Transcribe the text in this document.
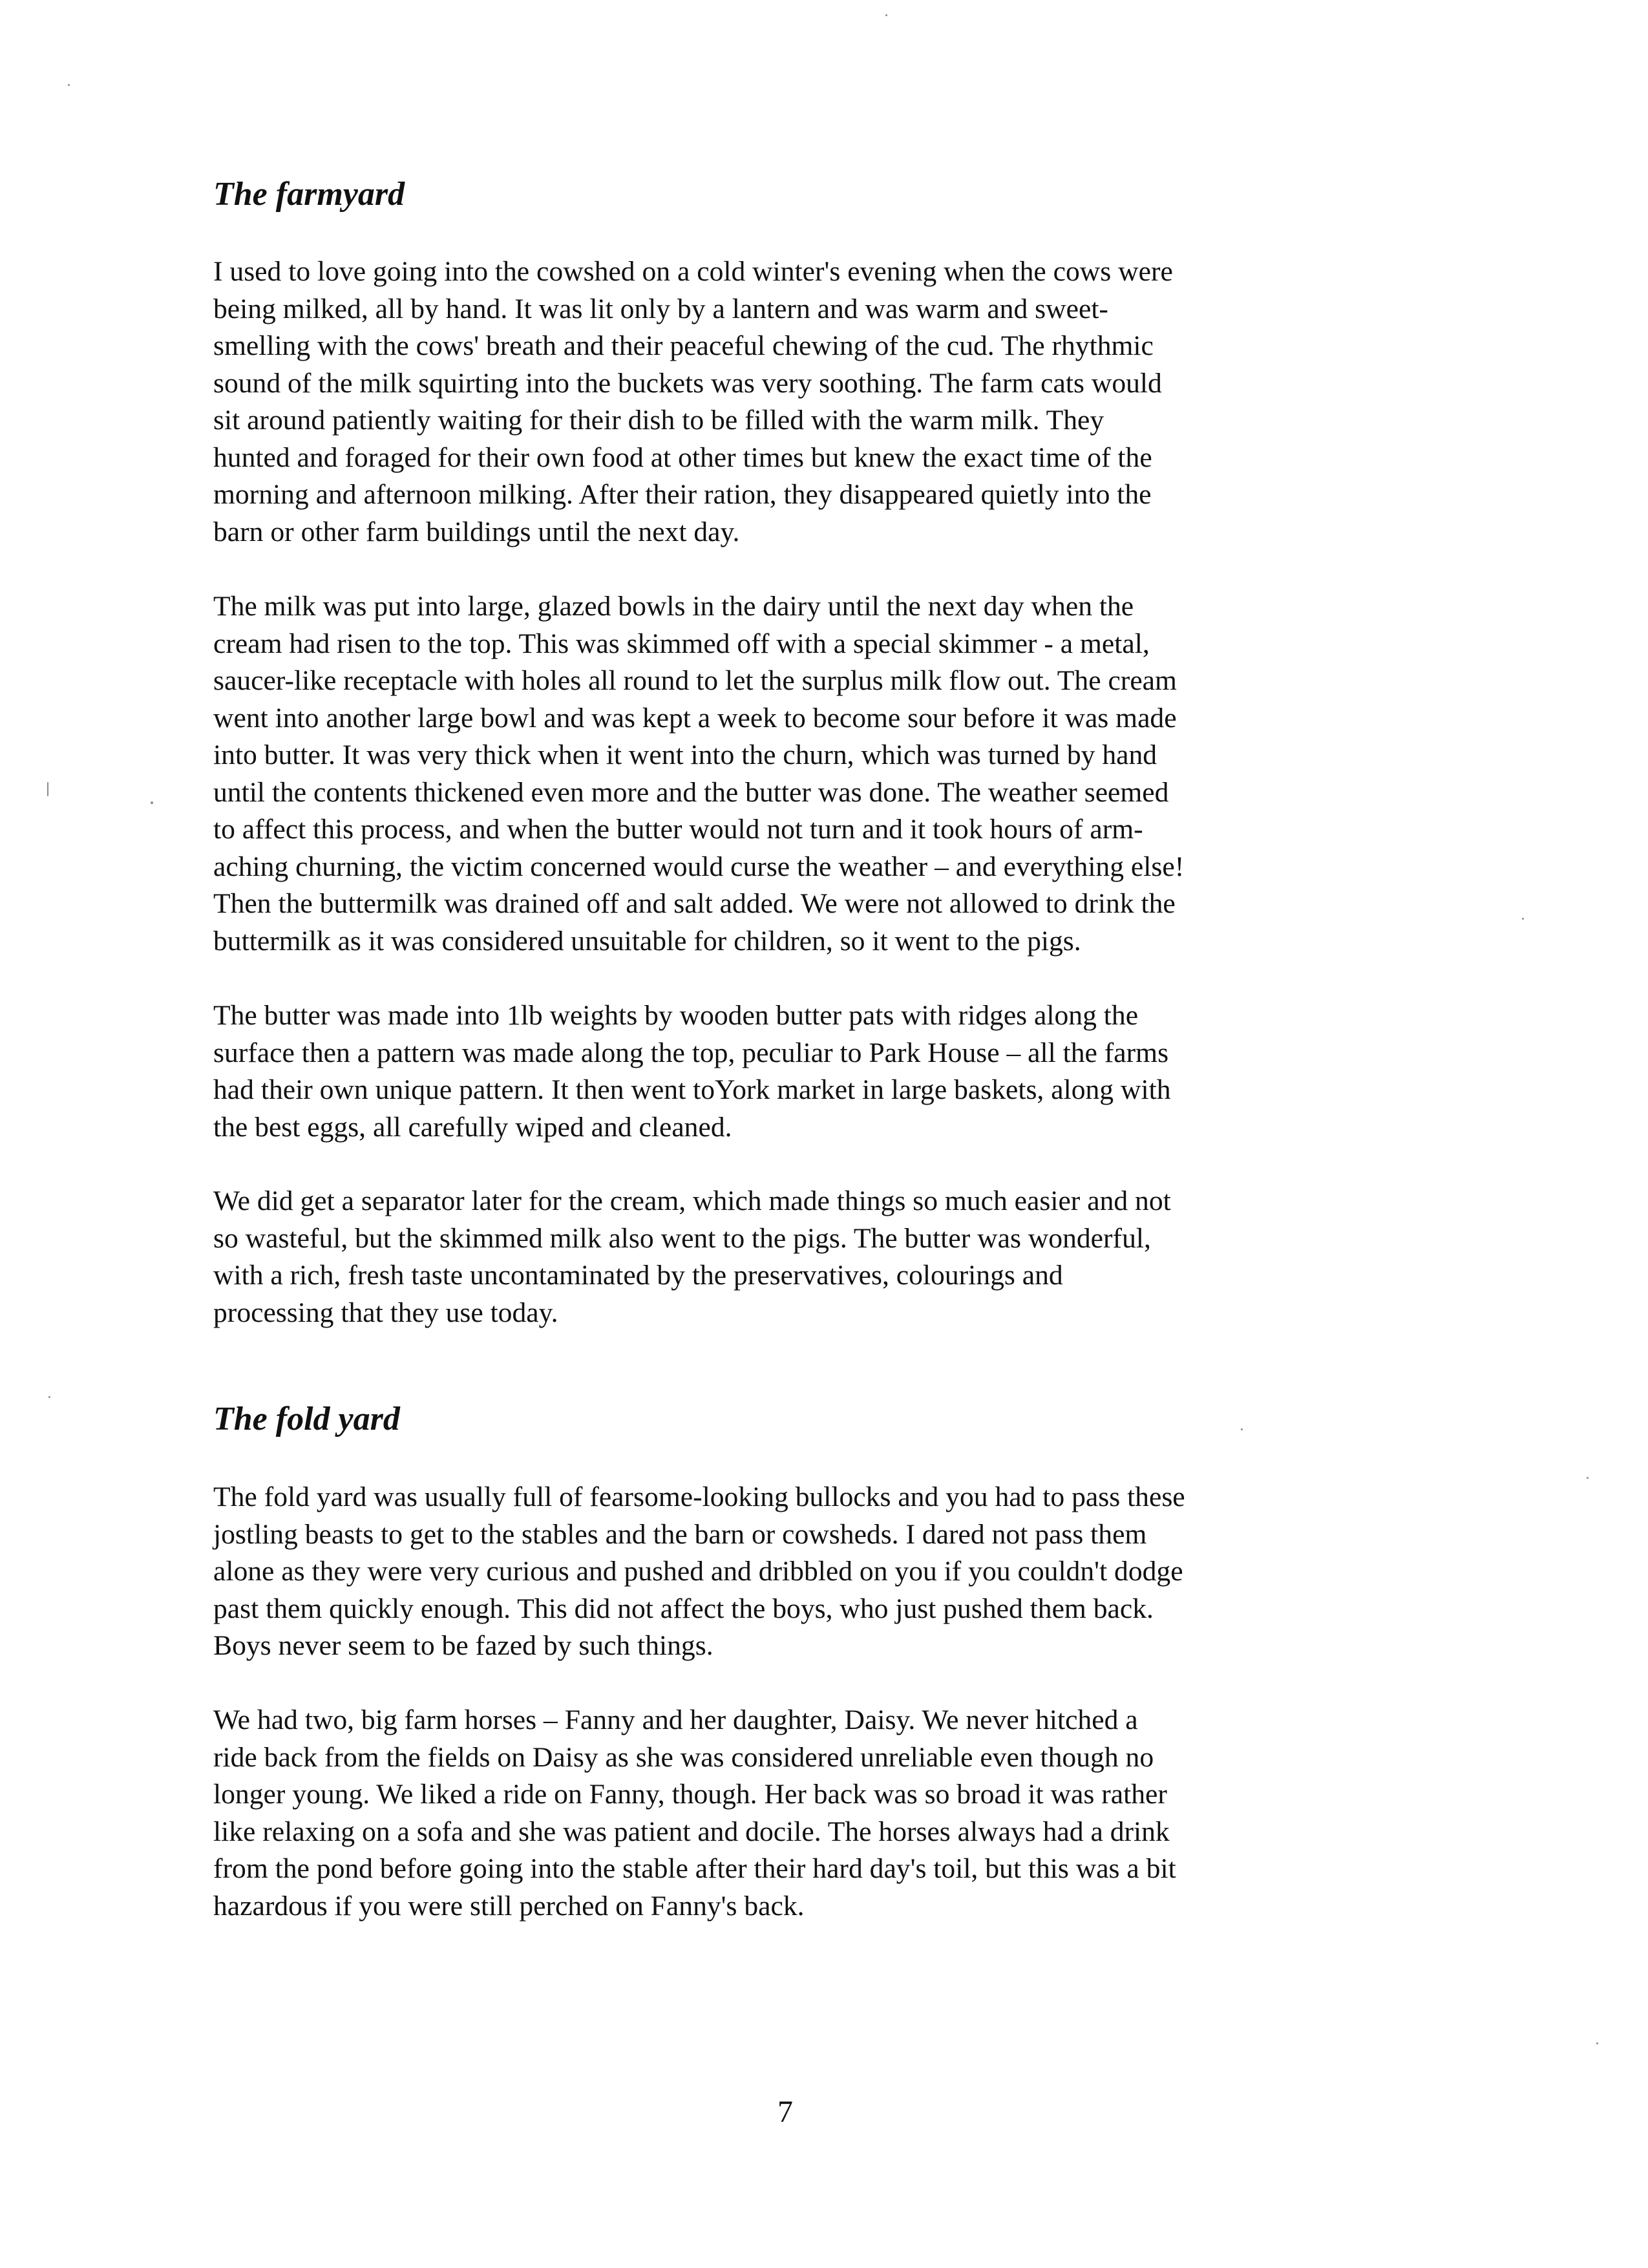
The farmyard

I used to love going into the cowshed on a cold winter's evening when the cows were
being milked, all by hand. It was lit only by a lantern and was warm and sweet-
smelling with the cows' breath and their peaceful chewing of the cud. The rhythmic
sound of the milk squirting into the buckets was very soothing. The farm cats would
sit around patiently waiting for their dish to be filled with the warm milk. They
hunted and foraged for their own food at other times but knew the exact time of the
morning and afternoon milking. After their ration, they disappeared quietly into the
barn or other farm buildings until the next day.

The milk was put into large, glazed bowls in the dairy until the next day when the
cream had risen to the top. This was skimmed off with a special skimmer - a metal,
saucer-like receptacle with holes all round to let the surplus milk flow out. The cream
went into another large bowl and was kept a week to become sour before it was made
into butter. It was very thick when it went into the churn, which was turned by hand
until the contents thickened even more and the butter was done. The weather seemed
to affect this process, and when the butter would not turn and it took hours of arm-
aching churning, the victim concerned would curse the weather – and everything else!
Then the buttermilk was drained off and salt added. We were not allowed to drink the
buttermilk as it was considered unsuitable for children, so it went to the pigs.

The butter was made into 1lb weights by wooden butter pats with ridges along the
surface then a pattern was made along the top, peculiar to Park House – all the farms
had their own unique pattern. It then went toYork market in large baskets, along with
the best eggs, all carefully wiped and cleaned.

We did get a separator later for the cream, which made things so much easier and not
so wasteful, but the skimmed milk also went to the pigs. The butter was wonderful,
with a rich, fresh taste uncontaminated by the preservatives, colourings and
processing that they use today.

The fold yard

The fold yard was usually full of fearsome-looking bullocks and you had to pass these
jostling beasts to get to the stables and the barn or cowsheds. I dared not pass them
alone as they were very curious and pushed and dribbled on you if you couldn't dodge
past them quickly enough. This did not affect the boys, who just pushed them back.
Boys never seem to be fazed by such things.

We had two, big farm horses – Fanny and her daughter, Daisy. We never hitched a
ride back from the fields on Daisy as she was considered unreliable even though no
longer young. We liked a ride on Fanny, though. Her back was so broad it was rather
like relaxing on a sofa and she was patient and docile. The horses always had a drink
from the pond before going into the stable after their hard day's toil, but this was a bit
hazardous if you were still perched on Fanny's back.

7
